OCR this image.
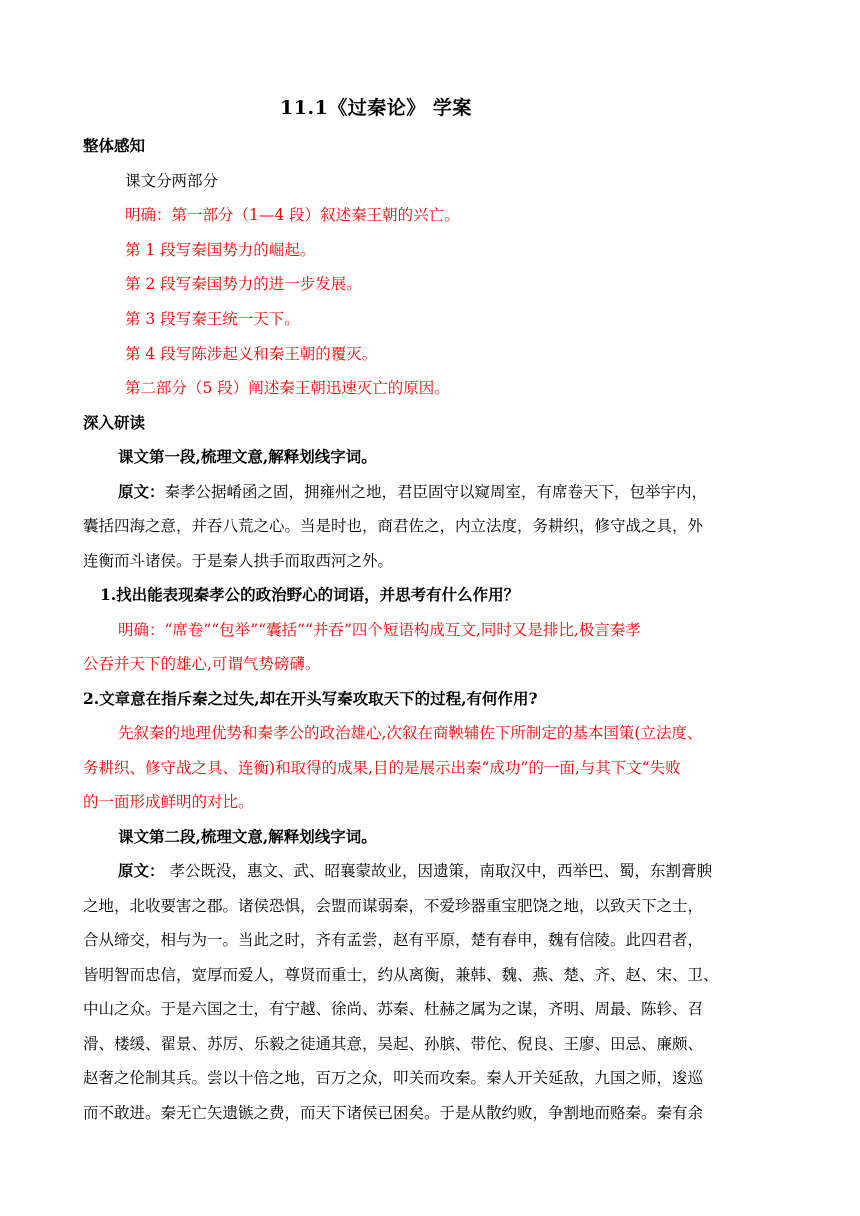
11.1《过秦论》 学案
整体感知
课文分两部分
明确：第一部分（1—4 段）叙述秦王朝的兴亡。
第 1 段写秦国势力的崛起。
第 2 段写秦国势力的进一步发展。
第 3 段写秦王统一天下。
第 4 段写陈涉起义和秦王朝的覆灭。
第二部分（5 段）阐述秦王朝迅速灭亡的原因。
深入研读
课文第一段,梳理文意,解释划线字词。
原文：秦孝公据崤函之固，拥雍州之地，君臣固守以窥周室，有席卷天下，包举宇内，
囊括四海之意，并吞八荒之心。当是时也，商君佐之，内立法度，务耕织，修守战之具，外
连衡而斗诸侯。于是秦人拱手而取西河之外。
1.找出能表现秦孝公的政治野心的词语，并思考有什么作用？
明确：“席卷”“包举”“囊括”“并吞”四个短语构成互文,同时又是排比,极言秦孝
公吞并天下的雄心,可谓气势磅礴。
2.文章意在指斥秦之过失,却在开头写秦攻取天下的过程,有何作用?
先叙秦的地理优势和秦孝公的政治雄心,次叙在商鞅辅佐下所制定的基本国策(立法度、
务耕织、修守战之具、连衡)和取得的成果,目的是展示出秦“成功”的一面,与其下文“失败
的一面形成鲜明的对比。
课文第二段,梳理文意,解释划线字词。
原文： 孝公既没，惠文、武、昭襄蒙故业，因遗策，南取汉中，西举巴、蜀，东割膏腴
之地，北收要害之郡。诸侯恐惧，会盟而谋弱秦，不爱珍器重宝肥饶之地，以致天下之士，
合从缔交，相与为一。当此之时，齐有孟尝，赵有平原，楚有春申，魏有信陵。此四君者，
皆明智而忠信，宽厚而爱人，尊贤而重士，约从离衡，兼韩、魏、燕、楚、齐、赵、宋、卫、
中山之众。于是六国之士，有宁越、徐尚、苏秦、杜赫之属为之谋，齐明、周最、陈轸、召
滑、楼缓、翟景、苏厉、乐毅之徒通其意，吴起、孙膑、带佗、倪良、王廖、田忌、廉颇、
赵奢之伦制其兵。尝以十倍之地，百万之众，叩关而攻秦。秦人开关延敌，九国之师，逡巡
而不敢进。秦无亡矢遗镞之费，而天下诸侯已困矣。于是从散约败，争割地而赂秦。秦有余
